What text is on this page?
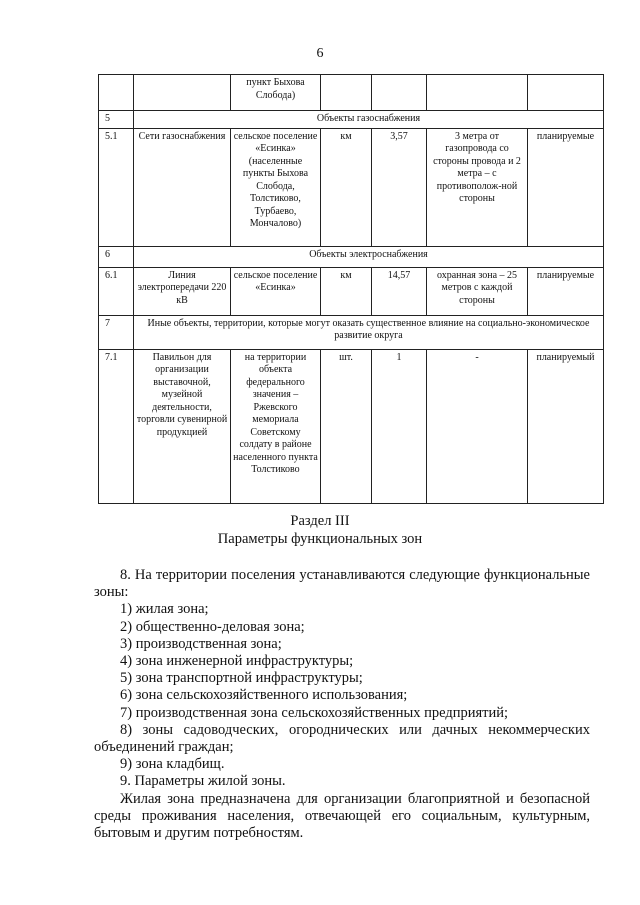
6
		пункт Быхова Слобода)				
5	Объекты газоснабжения					
5.1	Сети газоснабжения	сельское поселение «Есинка» (населенные пункты Быхова Слобода, Толстиково, Турбаево, Мончалово)	км	3,57	3 метра от газопровода со стороны провода и 2 метра – с противополож-ной стороны	планируемые
6	Объекты электроснабжения					
6.1	Линия электропередачи 220 кВ	сельское поселение «Есинка»	км	14,57	охранная зона – 25 метров с каждой стороны	планируемые
7	Иные объекты, территории, которые могут оказать существенное влияние на социально-экономическое развитие округа					
7.1	Павильон для организации выставочной, музейной деятельности, торговли сувенирной продукцией	на территории объекта федерального значения – Ржевского мемориала Советскому солдату в районе населенного пункта Толстиково	шт.	1	-	планируемый
Раздел III
Параметры функциональных зон

8. На территории поселения устанавливаются следующие функциональные зоны:

1) жилая зона;

2) общественно-деловая зона;

3) производственная зона;

4) зона инженерной инфраструктуры;

5) зона транспортной инфраструктуры;

6) зона сельскохозяйственного использования;

7) производственная зона сельскохозяйственных предприятий;

8) зоны садоводческих, огороднических или дачных некоммерческих объединений граждан;

9) зона кладбищ.

9. Параметры жилой зоны.

Жилая зона предназначена для организации благоприятной и безопасной среды проживания населения, отвечающей его социальным, культурным, бытовым и другим потребностям.
